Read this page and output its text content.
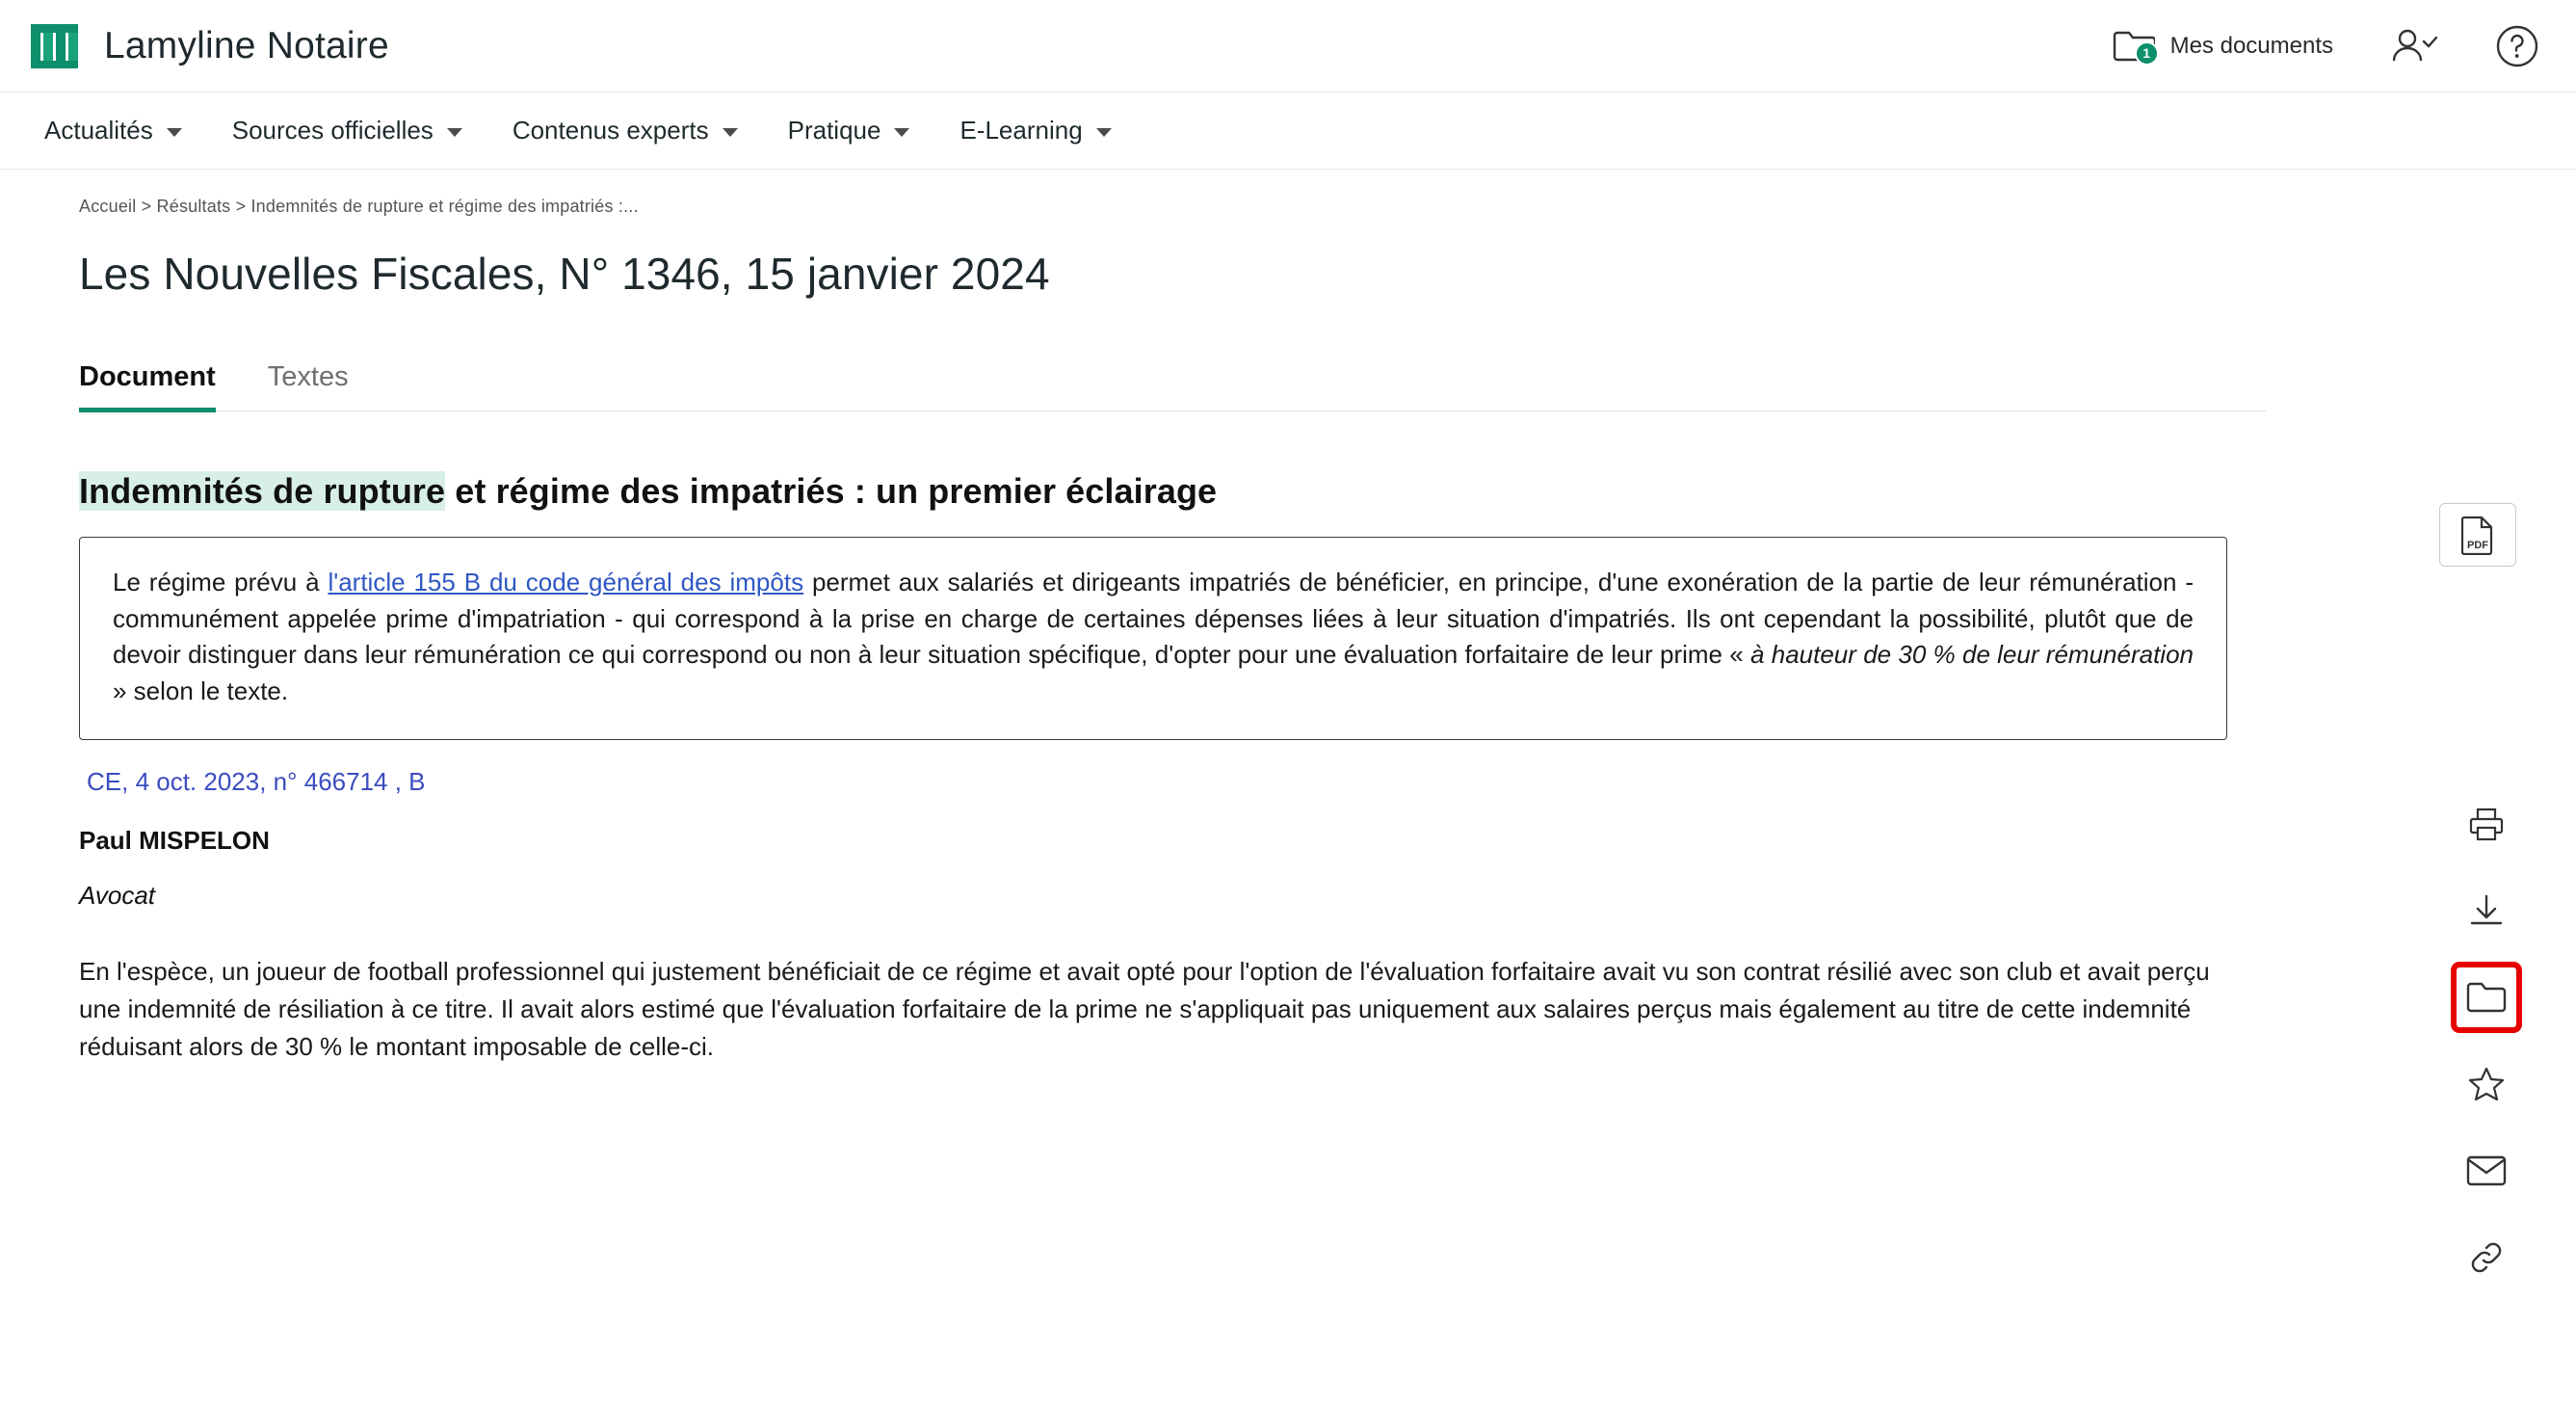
Lamyline Notaire	1 Mes documents
Actualités	Sources officielles	Contenus experts	Pratique	E-Learning
Accueil > Résultats > Indemnités de rupture et régime des impatriés :...
Les Nouvelles Fiscales, N° 1346, 15 janvier 2024
PDF
Document	Textes
Indemnités de rupture et régime des impatriés : un premier éclairage
Le régime prévu à l'article 155 B du code général des impôts permet aux salariés et dirigeants impatriés de bénéficier, en principe, d'une exonération de la partie de leur rémunération - communément appelée prime d'impatriation - qui correspond à la prise en charge de certaines dépenses liées à leur situation d'impatriés. Ils ont cependant la possibilité, plutôt que de devoir distinguer dans leur rémunération ce qui correspond ou non à leur situation spécifique, d'opter pour une évaluation forfaitaire de leur prime « à hauteur de 30 % de leur rémunération » selon le texte.
CE, 4 oct. 2023, n° 466714 , B
Paul MISPELON
Avocat

En l'espèce, un joueur de football professionnel qui justement bénéficiait de ce régime et avait opté pour l'option de l'évaluation forfaitaire avait vu son contrat résilié avec son club et avait perçu une indemnité de résiliation à ce titre. Il avait alors estimé que l'évaluation forfaitaire de la prime ne s'appliquait pas uniquement aux salaires perçus mais également au titre de cette indemnité réduisant alors de 30 % le montant imposable de celle-ci.
